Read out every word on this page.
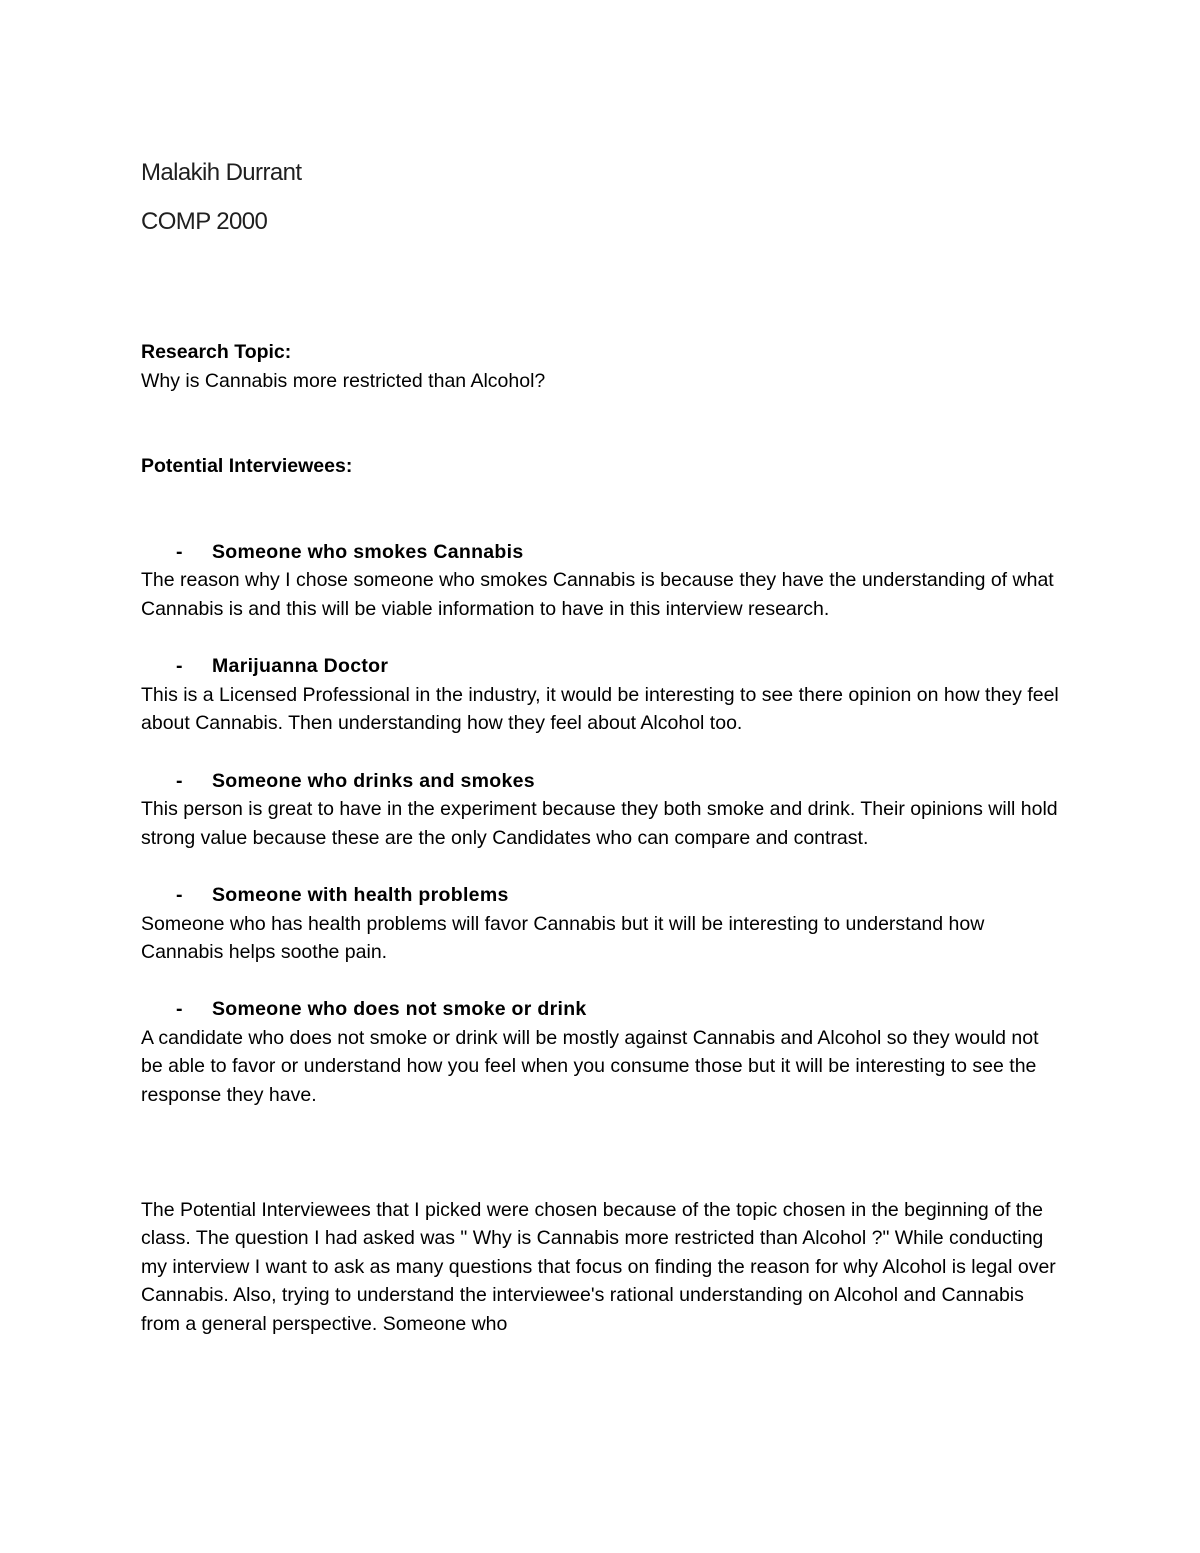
Malakih Durrant
COMP 2000

Research Topic:

Why is Cannabis more restricted than Alcohol?

Potential Interviewees:

-	Someone who smokes Cannabis

The reason why I chose someone who smokes Cannabis is because they have the understanding of what Cannabis is and this will be viable information to have in this interview research.

-	Marijuanna Doctor

This is a Licensed Professional in the industry, it would be interesting to see there opinion on how they feel about Cannabis. Then understanding how they feel about Alcohol too.

-	Someone who drinks and smokes

This person is great to have in the experiment because they both smoke and drink. Their opinions will hold strong value because these are the only Candidates who can compare and contrast.

-	Someone with health problems

Someone who has health problems will favor Cannabis but it will be interesting to understand how Cannabis helps soothe pain.

-	Someone who does not smoke or drink

A candidate who does not smoke or drink will be mostly against Cannabis and Alcohol so they would not be able to favor or understand how you feel when you consume those but it will be interesting to see the response they have.

The Potential Interviewees that I picked were chosen because of the topic chosen in the beginning of the class. The question I had asked was " Why is Cannabis more restricted than Alcohol ?" While conducting my interview I want to ask as many questions that focus on finding the reason for why Alcohol is legal over Cannabis. Also, trying to understand the interviewee's rational understanding on Alcohol and Cannabis from a general perspective. Someone who
